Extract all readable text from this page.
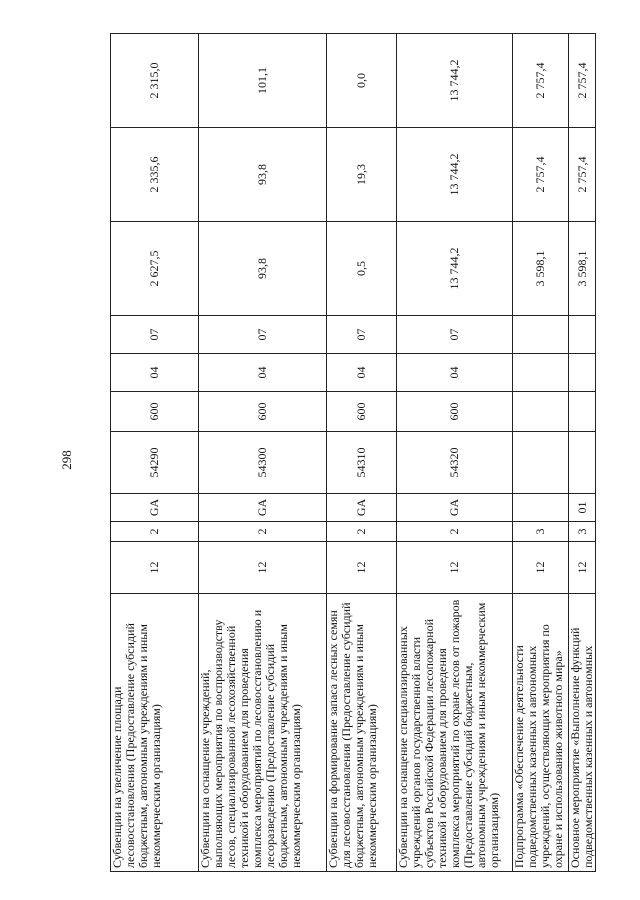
298
Субвенции на увеличение площади лесовосстановления (Предоставление субсидий бюджетным, автономным учреждениям и иным некоммерческим организациям)	12	2	GA	54290	600	04	07	2 627,5	2 335,6	2 315,0
Субвенции на оснащение учреждений, выполняющих мероприятия по воспроизводству лесов, специализированной лесохозяйственной техникой и оборудованием для проведения комплекса мероприятий по лесовосстановлению и лесоразведению (Предоставление субсидий бюджетным, автономным учреждениям и иным некоммерческим организациям)	12	2	GA	54300	600	04	07	93,8	93,8	101,1
Субвенции на формирование запаса лесных семян для лесовосстановления (Предоставление субсидий бюджетным, автономным учреждениям и иным некоммерческим организациям)	12	2	GA	54310	600	04	07	0,5	19,3	0,0
Субвенции на оснащение специализированных учреждений органов государственной власти субъектов Российской Федерации лесопожарной техникой и оборудованием для проведения комплекса мероприятий по охране лесов от пожаров (Предоставление субсидий бюджетным, автономным учреждениям и иным некоммерческим организациям)	12	2	GA	54320	600	04	07	13 744,2	13 744,2	13 744,2
Подпрограмма «Обеспечение деятельности подведомственных казенных и автономных учреждений, осуществляющих мероприятия по охране и использованию животного мира»	12	3						3 598,1	2 757,4	2 757,4
Основное мероприятие «Выполнение функций подведомственных казенных и автономных	12	3	01					3 598,1	2 757,4	2 757,4
